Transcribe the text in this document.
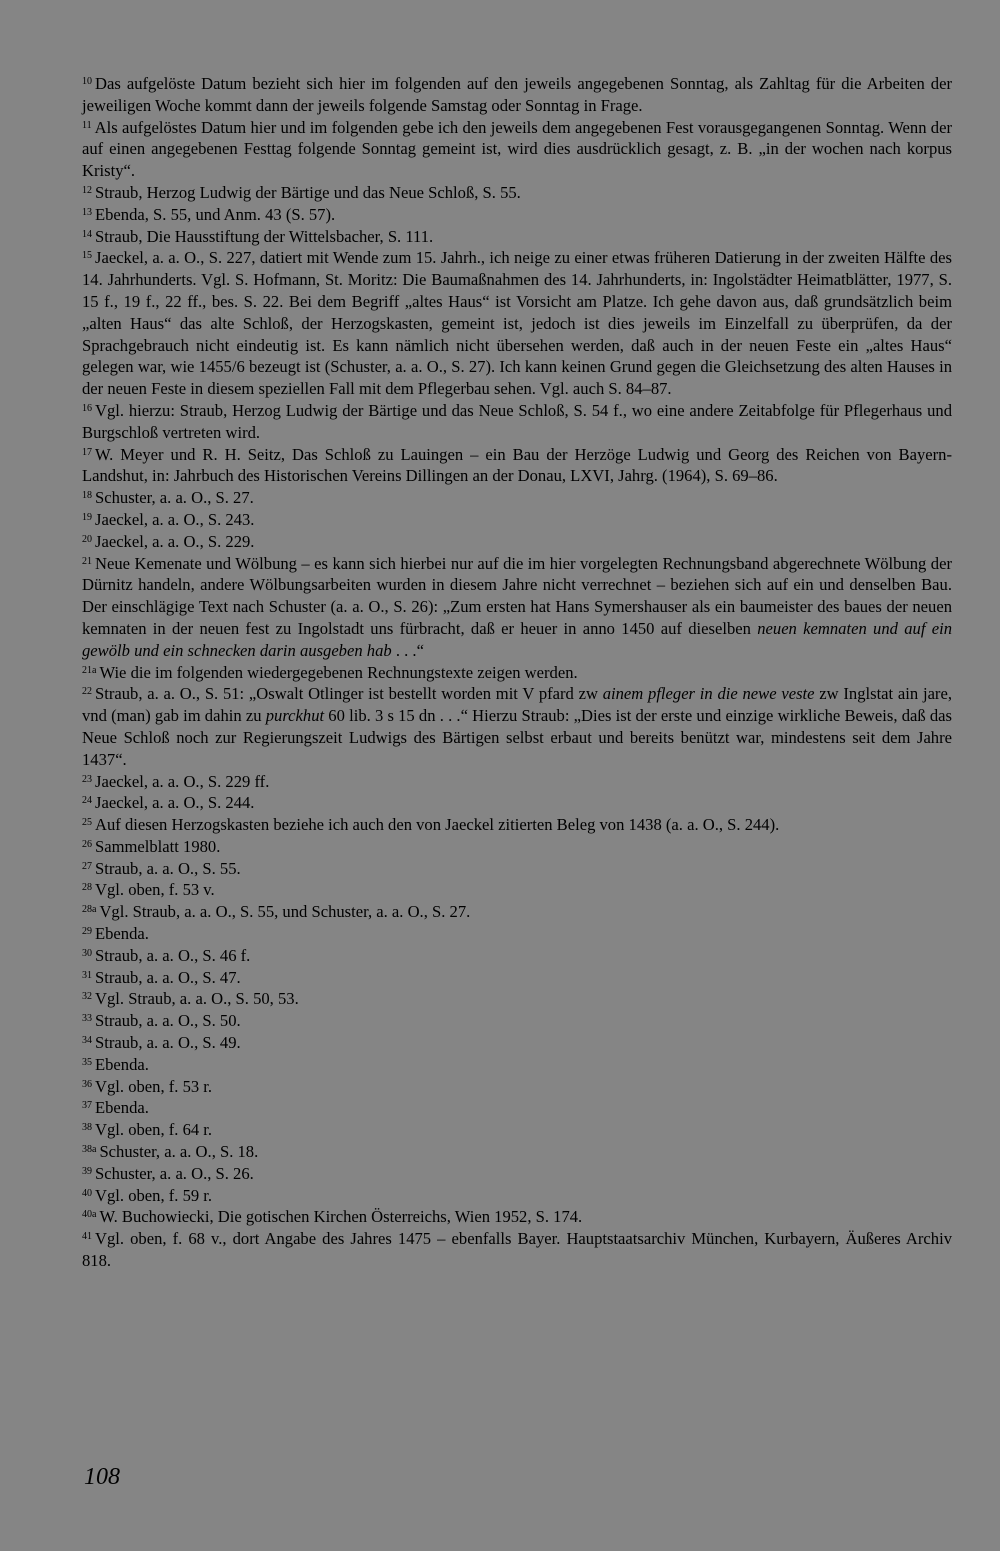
$^{10}$ Das aufgelöste Datum bezieht sich hier im folgenden auf den jeweils angegebenen Sonntag, als Zahltag für die Arbeiten der jeweiligen Woche kommt dann der jeweils folgende Samstag oder Sonntag in Frage.

$^{11}$ Als aufgelöstes Datum hier und im folgenden gebe ich den jeweils dem angegebenen Fest vorausgegangenen Sonntag. Wenn der auf einen angegebenen Festtag folgende Sonntag gemeint ist, wird dies ausdrücklich gesagt, z. B. „in der wochen nach korpus Kristy“.

$^{12}$ Straub, Herzog Ludwig der Bärtige und das Neue Schloß, S. 55.

$^{13}$ Ebenda, S. 55, und Anm. 43 (S. 57).

$^{14}$ Straub, Die Hausstiftung der Wittelsbacher, S. 111.

$^{15}$ Jaeckel, a. a. O., S. 227, datiert mit Wende zum 15. Jahrh., ich neige zu einer etwas früheren Datierung in der zweiten Hälfte des 14. Jahrhunderts. Vgl. S. Hofmann, St. Moritz: Die Baumaßnahmen des 14. Jahrhunderts, in: Ingolstädter Heimatblätter, 1977, S. 15 f., 19 f., 22 ff., bes. S. 22. Bei dem Begriff „altes Haus“ ist Vorsicht am Platze. Ich gehe davon aus, daß grundsätzlich beim „alten Haus“ das alte Schloß, der Herzogskasten, gemeint ist, jedoch ist dies jeweils im Einzelfall zu überprüfen, da der Sprachgebrauch nicht eindeutig ist. Es kann nämlich nicht übersehen werden, daß auch in der neuen Feste ein „altes Haus“ gelegen war, wie 1455/6 bezeugt ist (Schuster, a. a. O., S. 27). Ich kann keinen Grund gegen die Gleichsetzung des alten Hauses in der neuen Feste in diesem speziellen Fall mit dem Pflegerbau sehen. Vgl. auch S. 84–87.

$^{16}$ Vgl. hierzu: Straub, Herzog Ludwig der Bärtige und das Neue Schloß, S. 54 f., wo eine andere Zeitabfolge für Pflegerhaus und Burgschloß vertreten wird.

$^{17}$ W. Meyer und R. H. Seitz, Das Schloß zu Lauingen – ein Bau der Herzöge Ludwig und Georg des Reichen von Bayern-Landshut, in: Jahrbuch des Historischen Vereins Dillingen an der Donau, LXVI, Jahrg. (1964), S. 69–86.

$^{18}$ Schuster, a. a. O., S. 27.

$^{19}$ Jaeckel, a. a. O., S. 243.

$^{20}$ Jaeckel, a. a. O., S. 229.

$^{21}$ Neue Kemenate und Wölbung – es kann sich hierbei nur auf die im hier vorgelegten Rechnungsband abgerechnete Wölbung der Dürnitz handeln, andere Wölbungsarbeiten wurden in diesem Jahre nicht verrechnet – beziehen sich auf ein und denselben Bau. Der einschlägige Text nach Schuster (a. a. O., S. 26): „Zum ersten hat Hans Symershauser als ein baumeister des baues der neuen kemnaten in der neuen fest zu Ingolstadt uns fürbracht, daß er heuer in anno 1450 auf dieselben neuen kemnaten und auf ein gewölb und ein schnecken darin ausgeben hab . . .“

$^{21a}$ Wie die im folgenden wiedergegebenen Rechnungstexte zeigen werden.

$^{22}$ Straub, a. a. O., S. 51: „Oswalt Otlinger ist bestellt worden mit V pfard zw ainem pfleger in die newe veste zw Inglstat ain jare, vnd (man) gab im dahin zu purckhut 60 lib. 3 s 15 dn . . .“ Hierzu Straub: „Dies ist der erste und einzige wirkliche Beweis, daß das Neue Schloß noch zur Regierungszeit Ludwigs des Bärtigen selbst erbaut und bereits benützt war, mindestens seit dem Jahre 1437“.

$^{23}$ Jaeckel, a. a. O., S. 229 ff.

$^{24}$ Jaeckel, a. a. O., S. 244.

$^{25}$ Auf diesen Herzogskasten beziehe ich auch den von Jaeckel zitierten Beleg von 1438 (a. a. O., S. 244).

$^{26}$ Sammelblatt 1980.

$^{27}$ Straub, a. a. O., S. 55.

$^{28}$ Vgl. oben, f. 53 v.

$^{28a}$ Vgl. Straub, a. a. O., S. 55, und Schuster, a. a. O., S. 27.

$^{29}$ Ebenda.

$^{30}$ Straub, a. a. O., S. 46 f.

$^{31}$ Straub, a. a. O., S. 47.

$^{32}$ Vgl. Straub, a. a. O., S. 50, 53.

$^{33}$ Straub, a. a. O., S. 50.

$^{34}$ Straub, a. a. O., S. 49.

$^{35}$ Ebenda.

$^{36}$ Vgl. oben, f. 53 r.

$^{37}$ Ebenda.

$^{38}$ Vgl. oben, f. 64 r.

$^{38a}$ Schuster, a. a. O., S. 18.

$^{39}$ Schuster, a. a. O., S. 26.

$^{40}$ Vgl. oben, f. 59 r.

$^{40a}$ W. Buchowiecki, Die gotischen Kirchen Österreichs, Wien 1952, S. 174.

$^{41}$ Vgl. oben, f. 68 v., dort Angabe des Jahres 1475 – ebenfalls Bayer. Hauptstaatsarchiv München, Kurbayern, Äußeres Archiv 818.

108
